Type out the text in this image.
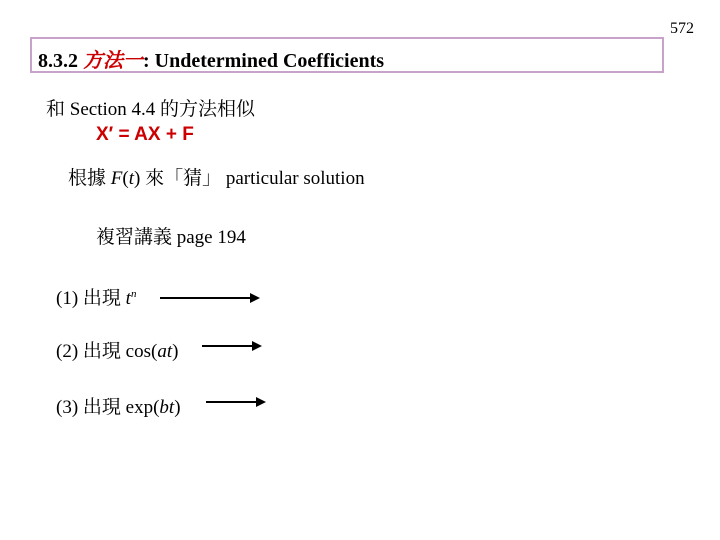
572
8.3.2 方法一: Undetermined Coefficients
和 Section 4.4 的方法相似
X′ = AX + F
根據 F(t) 來「猜」 particular solution
複習講義 page 194
(1) 出現 $t^n$
(2) 出現 cos(at)
(3) 出現 exp(bt)
